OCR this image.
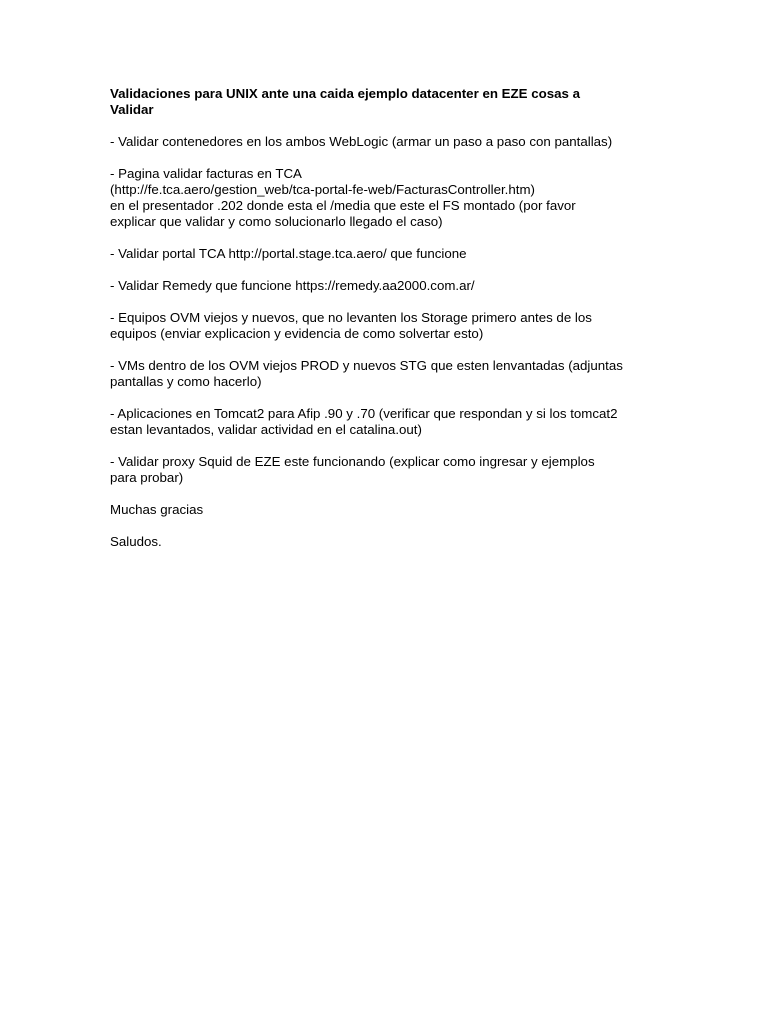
Validaciones para UNIX ante una caida ejemplo datacenter en EZE cosas a
Validar
- Validar contenedores en los ambos WebLogic (armar un paso a paso con pantallas)
- Pagina validar facturas en TCA
(http://fe.tca.aero/gestion_web/tca-portal-fe-web/FacturasController.htm)
en el presentador .202 donde esta el /media que este el FS montado (por favor
explicar que validar y como solucionarlo llegado el caso)
- Validar portal TCA http://portal.stage.tca.aero/ que funcione
- Validar Remedy que funcione https://remedy.aa2000.com.ar/
- Equipos OVM viejos y nuevos, que no levanten los Storage primero antes de los
equipos (enviar explicacion y evidencia de como solvertar esto)
- VMs dentro de los OVM viejos PROD y nuevos STG que esten lenvantadas (adjuntas
pantallas y como hacerlo)
- Aplicaciones en Tomcat2 para Afip .90 y .70 (verificar que respondan y si los tomcat2
estan levantados, validar actividad en el catalina.out)
- Validar proxy Squid de EZE este funcionando (explicar como ingresar y ejemplos
para probar)
Muchas gracias
Saludos.
